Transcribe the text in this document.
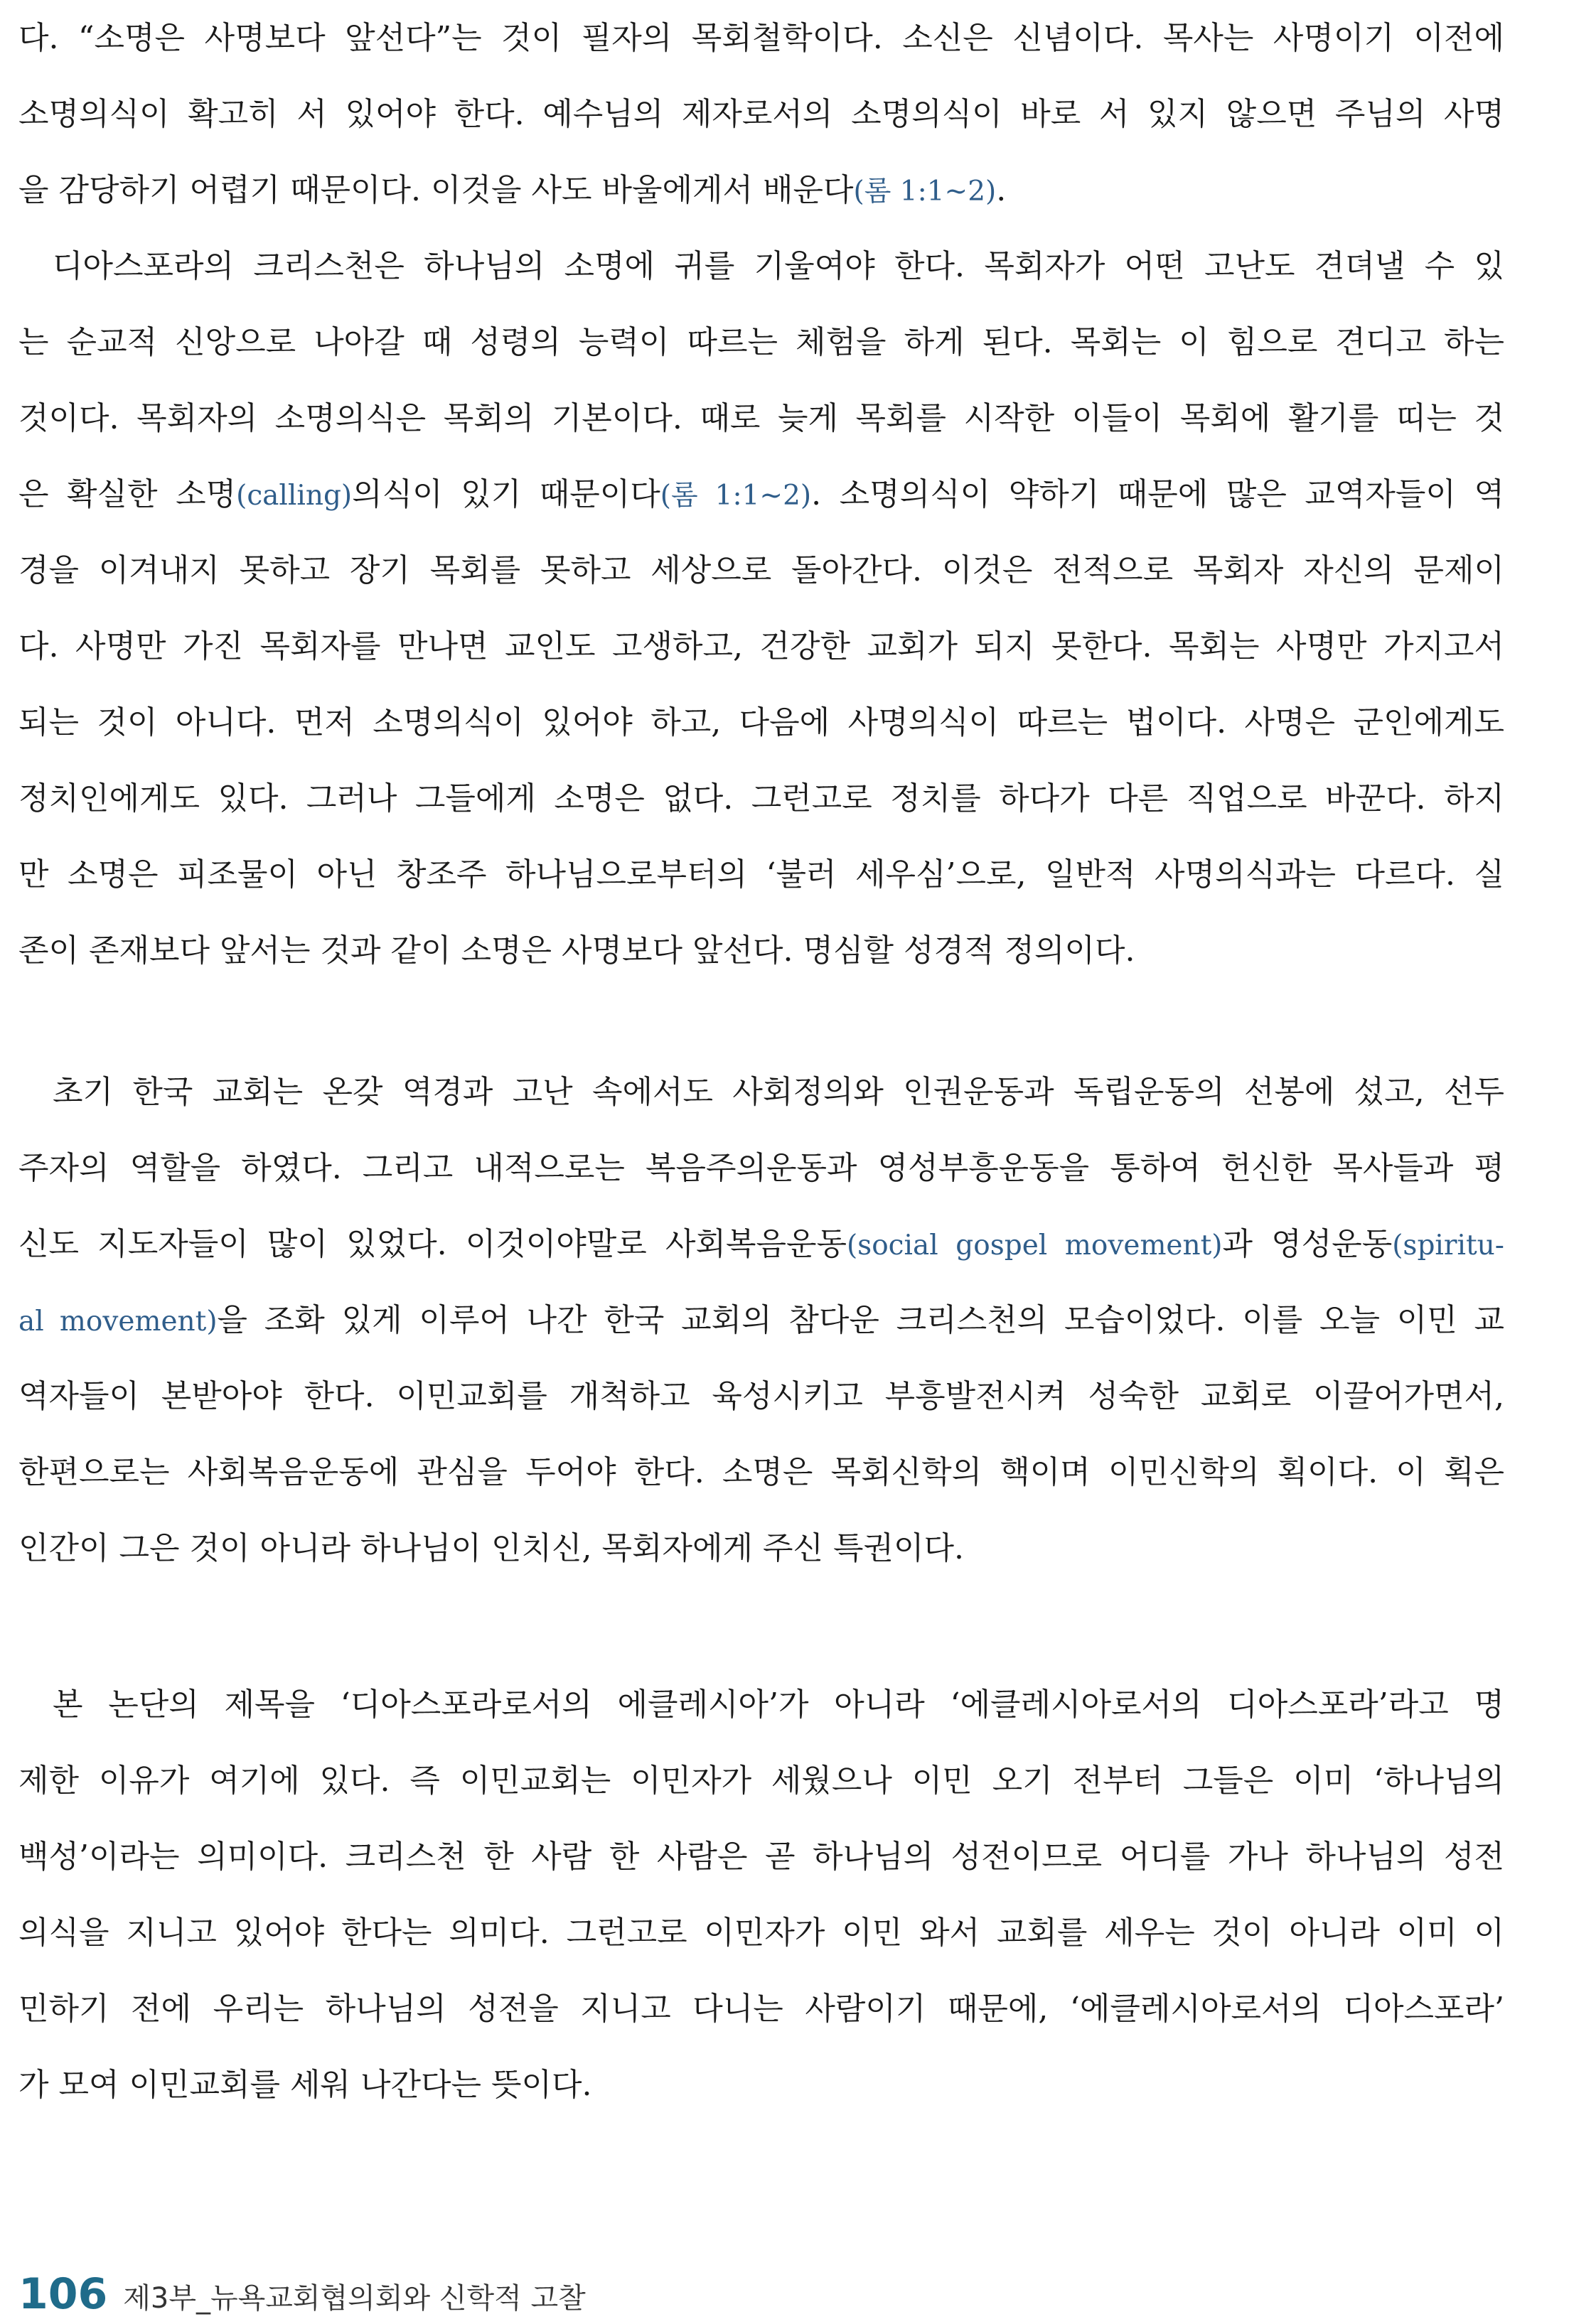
다. “소명은 사명보다 앞선다”는 것이 필자의 목회철학이다. 소신은 신념이다. 목사는 사명이기 이전에
소명의식이 확고히 서 있어야 한다. 예수님의 제자로서의 소명의식이 바로 서 있지 않으면 주님의 사명
을 감당하기 어렵기 때문이다. 이것을 사도 바울에게서 배운다(롬 1:1~2).
디아스포라의 크리스천은 하나님의 소명에 귀를 기울여야 한다. 목회자가 어떤 고난도 견뎌낼 수 있
는 순교적 신앙으로 나아갈 때 성령의 능력이 따르는 체험을 하게 된다. 목회는 이 힘으로 견디고 하는
것이다. 목회자의 소명의식은 목회의 기본이다. 때로 늦게 목회를 시작한 이들이 목회에 활기를 띠는 것
은 확실한 소명(calling)의식이 있기 때문이다(롬 1:1~2). 소명의식이 약하기 때문에 많은 교역자들이 역
경을 이겨내지 못하고 장기 목회를 못하고 세상으로 돌아간다. 이것은 전적으로 목회자 자신의 문제이
다. 사명만 가진 목회자를 만나면 교인도 고생하고, 건강한 교회가 되지 못한다. 목회는 사명만 가지고서
되는 것이 아니다. 먼저 소명의식이 있어야 하고, 다음에 사명의식이 따르는 법이다. 사명은 군인에게도
정치인에게도 있다. 그러나 그들에게 소명은 없다. 그런고로 정치를 하다가 다른 직업으로 바꾼다. 하지
만 소명은 피조물이 아닌 창조주 하나님으로부터의 ‘불러 세우심’으로, 일반적 사명의식과는 다르다. 실
존이 존재보다 앞서는 것과 같이 소명은 사명보다 앞선다. 명심할 성경적 정의이다.
초기 한국 교회는 온갖 역경과 고난 속에서도 사회정의와 인권운동과 독립운동의 선봉에 섰고, 선두
주자의 역할을 하였다. 그리고 내적으로는 복음주의운동과 영성부흥운동을 통하여 헌신한 목사들과 평
신도 지도자들이 많이 있었다. 이것이야말로 사회복음운동(social gospel movement)과 영성운동(spiritu-
al movement)을 조화 있게 이루어 나간 한국 교회의 참다운 크리스천의 모습이었다. 이를 오늘 이민 교
역자들이 본받아야 한다. 이민교회를 개척하고 육성시키고 부흥발전시켜 성숙한 교회로 이끌어가면서,
한편으로는 사회복음운동에 관심을 두어야 한다. 소명은 목회신학의 핵이며 이민신학의 획이다. 이 획은
인간이 그은 것이 아니라 하나님이 인치신, 목회자에게 주신 특권이다.
본 논단의 제목을 ‘디아스포라로서의 에클레시아’가 아니라 ‘에클레시아로서의 디아스포라’라고 명
제한 이유가 여기에 있다. 즉 이민교회는 이민자가 세웠으나 이민 오기 전부터 그들은 이미 ‘하나님의
백성’이라는 의미이다. 크리스천 한 사람 한 사람은 곧 하나님의 성전이므로 어디를 가나 하나님의 성전
의식을 지니고 있어야 한다는 의미다. 그런고로 이민자가 이민 와서 교회를 세우는 것이 아니라 이미 이
민하기 전에 우리는 하나님의 성전을 지니고 다니는 사람이기 때문에, ‘에클레시아로서의 디아스포라’
가 모여 이민교회를 세워 나간다는 뜻이다.
106 제3부_뉴욕교회협의회와 신학적 고찰
